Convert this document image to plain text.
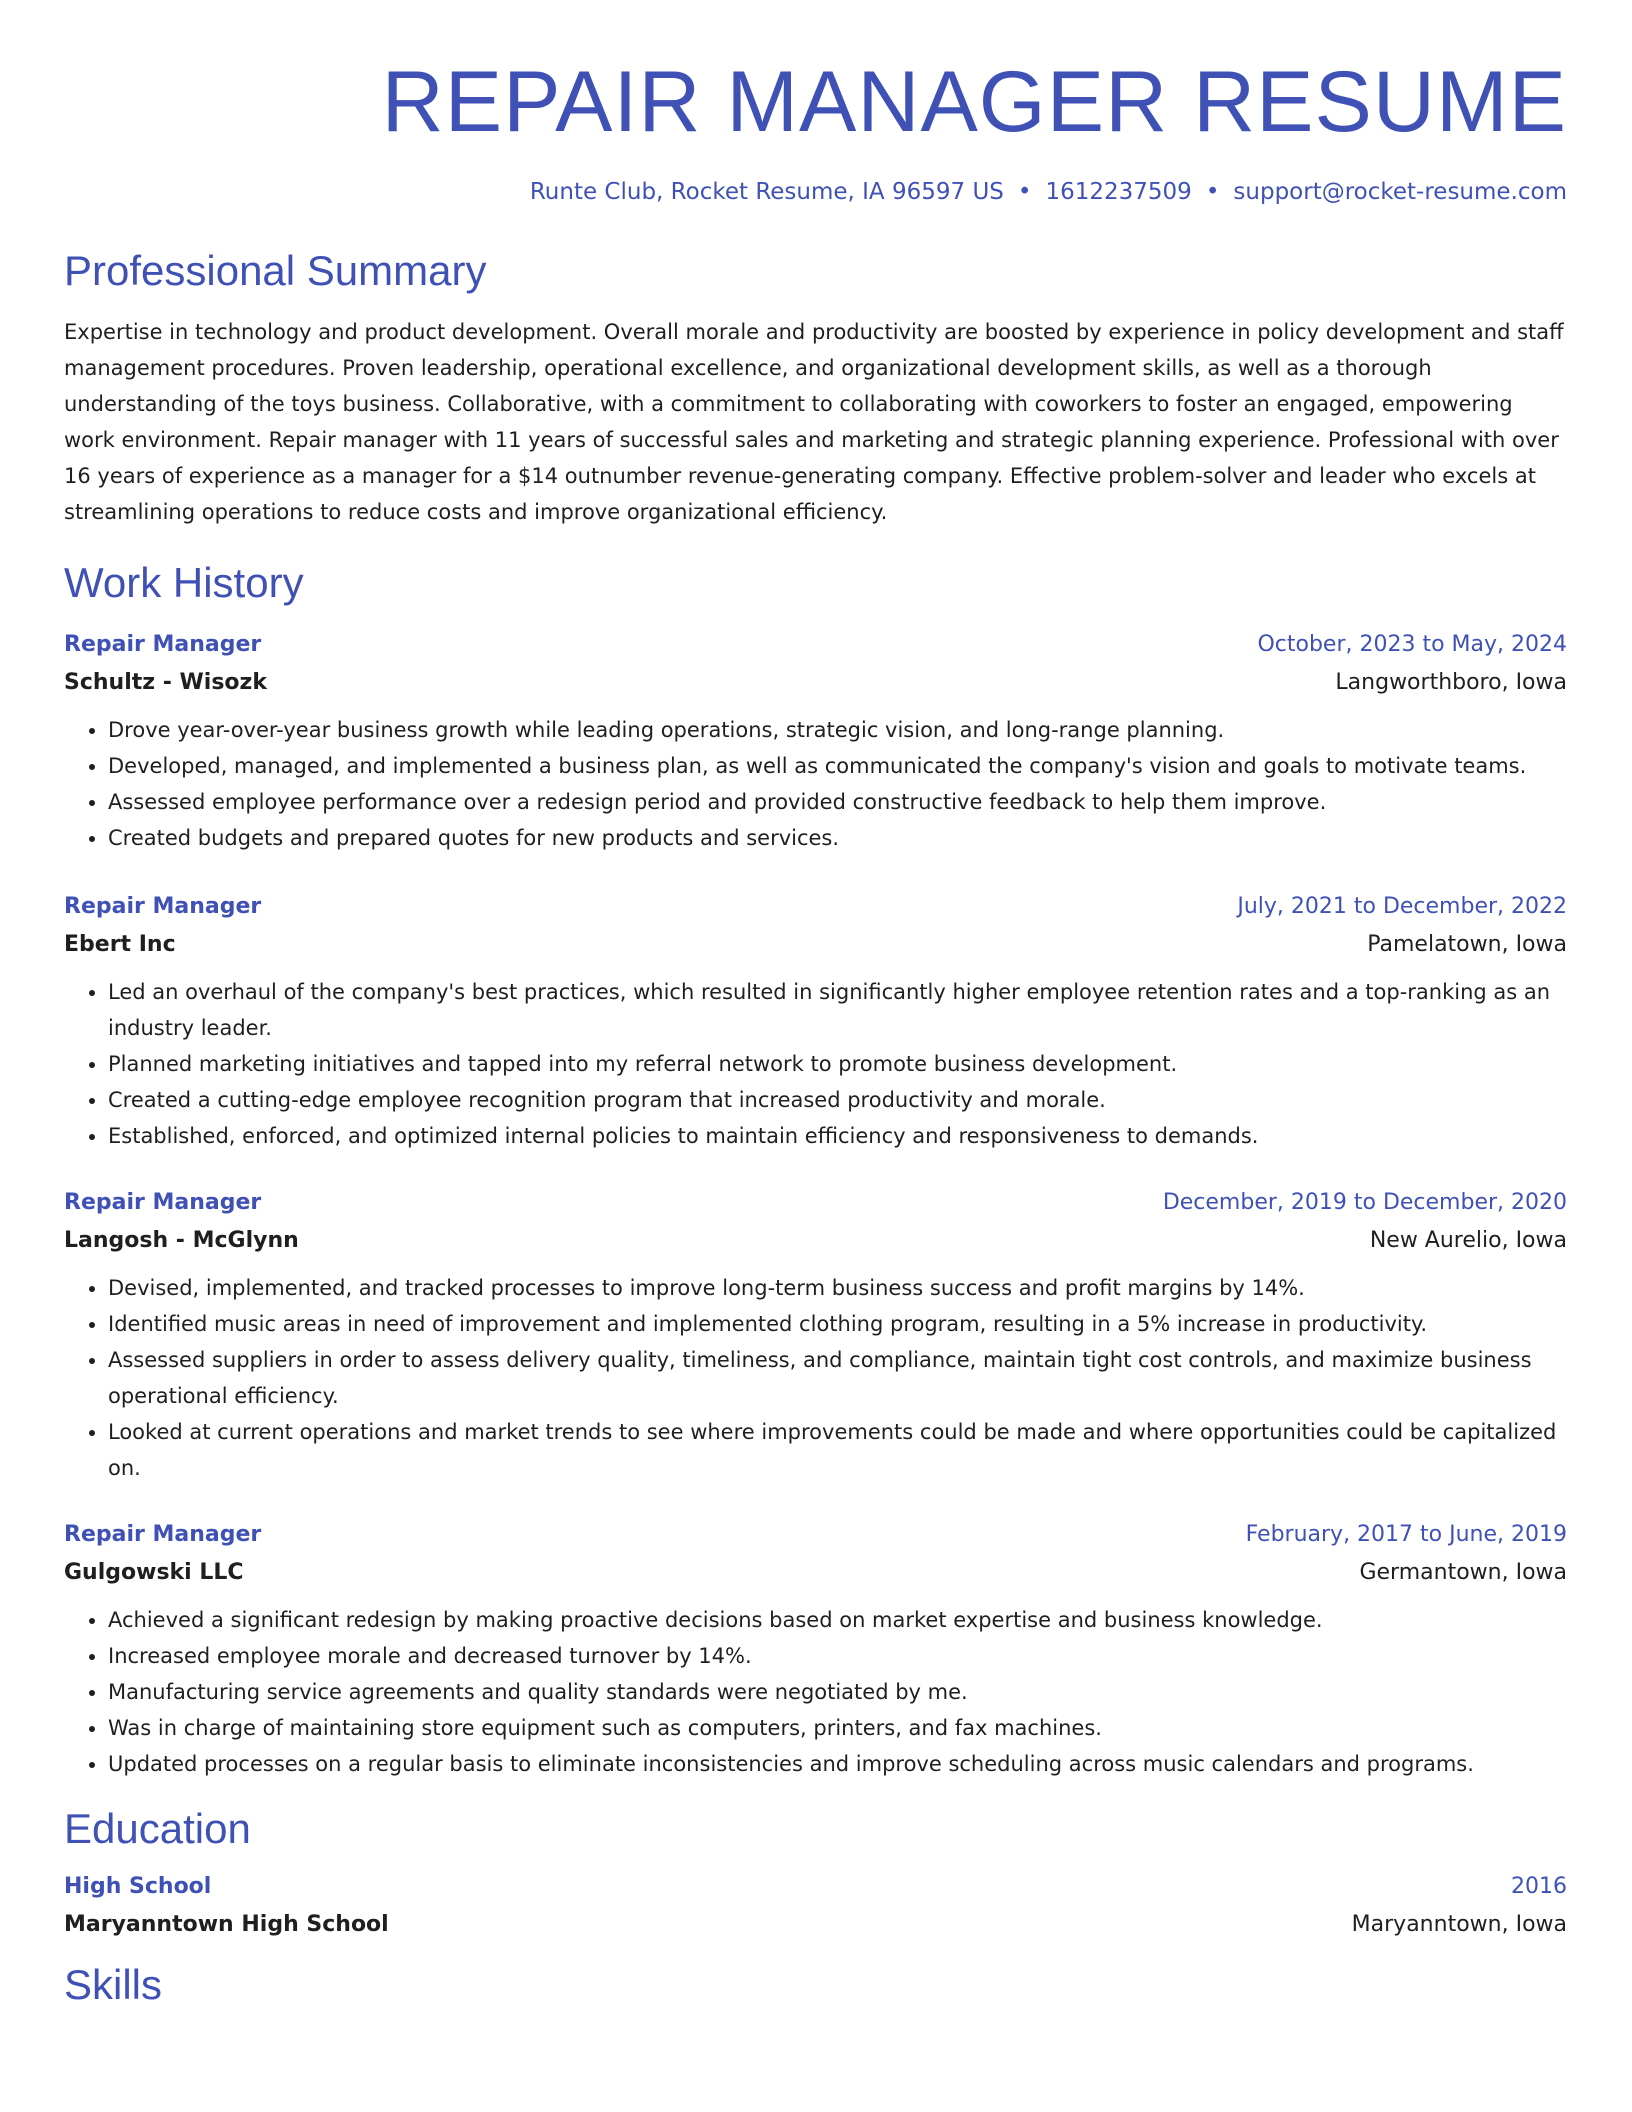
REPAIR MANAGER RESUME
Runte Club, Rocket Resume, IA 96597 US • 1612237509 • support@rocket-resume.com
Professional Summary

Expertise in technology and product development. Overall morale and productivity are boosted by experience in policy development and staff management procedures. Proven leadership, operational excellence, and organizational development skills, as well as a thorough understanding of the toys business. Collaborative, with a commitment to collaborating with coworkers to foster an engaged, empowering work environment. Repair manager with 11 years of successful sales and marketing and strategic planning experience. Professional with over 16 years of experience as a manager for a $14 outnumber revenue-generating company. Effective problem-solver and leader who excels at streamlining operations to reduce costs and improve organizational efficiency.

Work History
Repair Manager	October, 2023 to May, 2024
Schultz - Wisozk	Langworthboro, Iowa
• Drove year-over-year business growth while leading operations, strategic vision, and long-range planning.
• Developed, managed, and implemented a business plan, as well as communicated the company's vision and goals to motivate teams.
• Assessed employee performance over a redesign period and provided constructive feedback to help them improve.
• Created budgets and prepared quotes for new products and services.
Repair Manager	July, 2021 to December, 2022
Ebert Inc	Pamelatown, Iowa
• Led an overhaul of the company's best practices, which resulted in significantly higher employee retention rates and a top-ranking as an industry leader.
• Planned marketing initiatives and tapped into my referral network to promote business development.
• Created a cutting-edge employee recognition program that increased productivity and morale.
• Established, enforced, and optimized internal policies to maintain efficiency and responsiveness to demands.
Repair Manager	December, 2019 to December, 2020
Langosh - McGlynn	New Aurelio, Iowa
• Devised, implemented, and tracked processes to improve long-term business success and profit margins by 14%.
• Identified music areas in need of improvement and implemented clothing program, resulting in a 5% increase in productivity.
• Assessed suppliers in order to assess delivery quality, timeliness, and compliance, maintain tight cost controls, and maximize business operational efficiency.
• Looked at current operations and market trends to see where improvements could be made and where opportunities could be capitalized on.
Repair Manager	February, 2017 to June, 2019
Gulgowski LLC	Germantown, Iowa
• Achieved a significant redesign by making proactive decisions based on market expertise and business knowledge.
• Increased employee morale and decreased turnover by 14%.
• Manufacturing service agreements and quality standards were negotiated by me.
• Was in charge of maintaining store equipment such as computers, printers, and fax machines.
• Updated processes on a regular basis to eliminate inconsistencies and improve scheduling across music calendars and programs.
Education
High School	2016
Maryanntown High School	Maryanntown, Iowa
Skills
